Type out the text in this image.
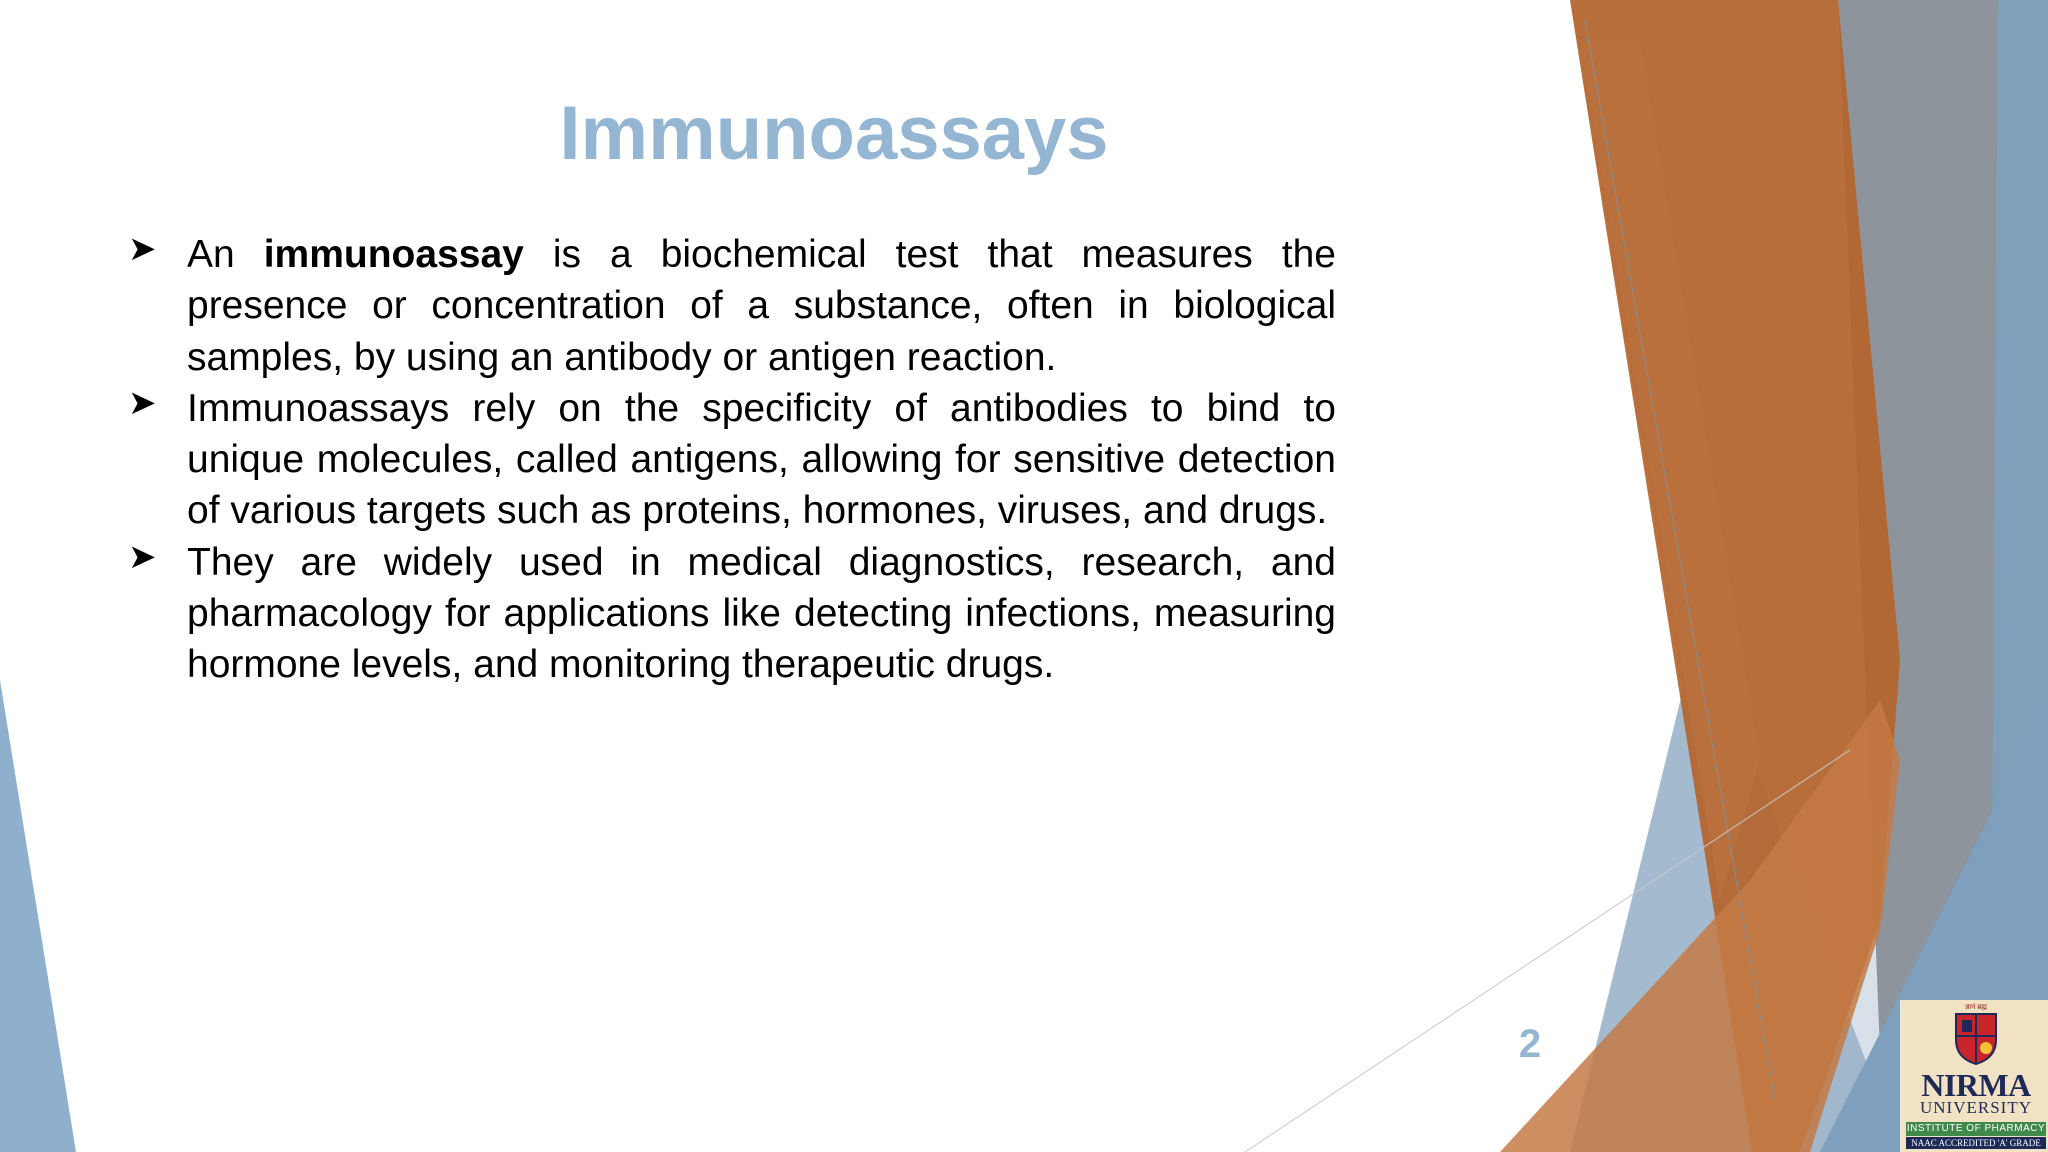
Immunoassays
➤ An immunoassay is a biochemical test that measures the presence or concentration of a substance, often in biological samples, by using an antibody or antigen reaction.

➤ Immunoassays rely on the specificity of antibodies to bind to unique molecules, called antigens, allowing for sensitive detection of various targets such as proteins, hormones, viruses, and drugs.

➤ They are widely used in medical diagnostics, research, and pharmacology for applications like detecting infections, measuring hormone levels, and monitoring therapeutic drugs.

2
ज्ञानं ब्रह्म
NIRMA
UNIVERSITY
INSTITUTE OF PHARMACY
NAAC ACCREDITED 'A' GRADE
